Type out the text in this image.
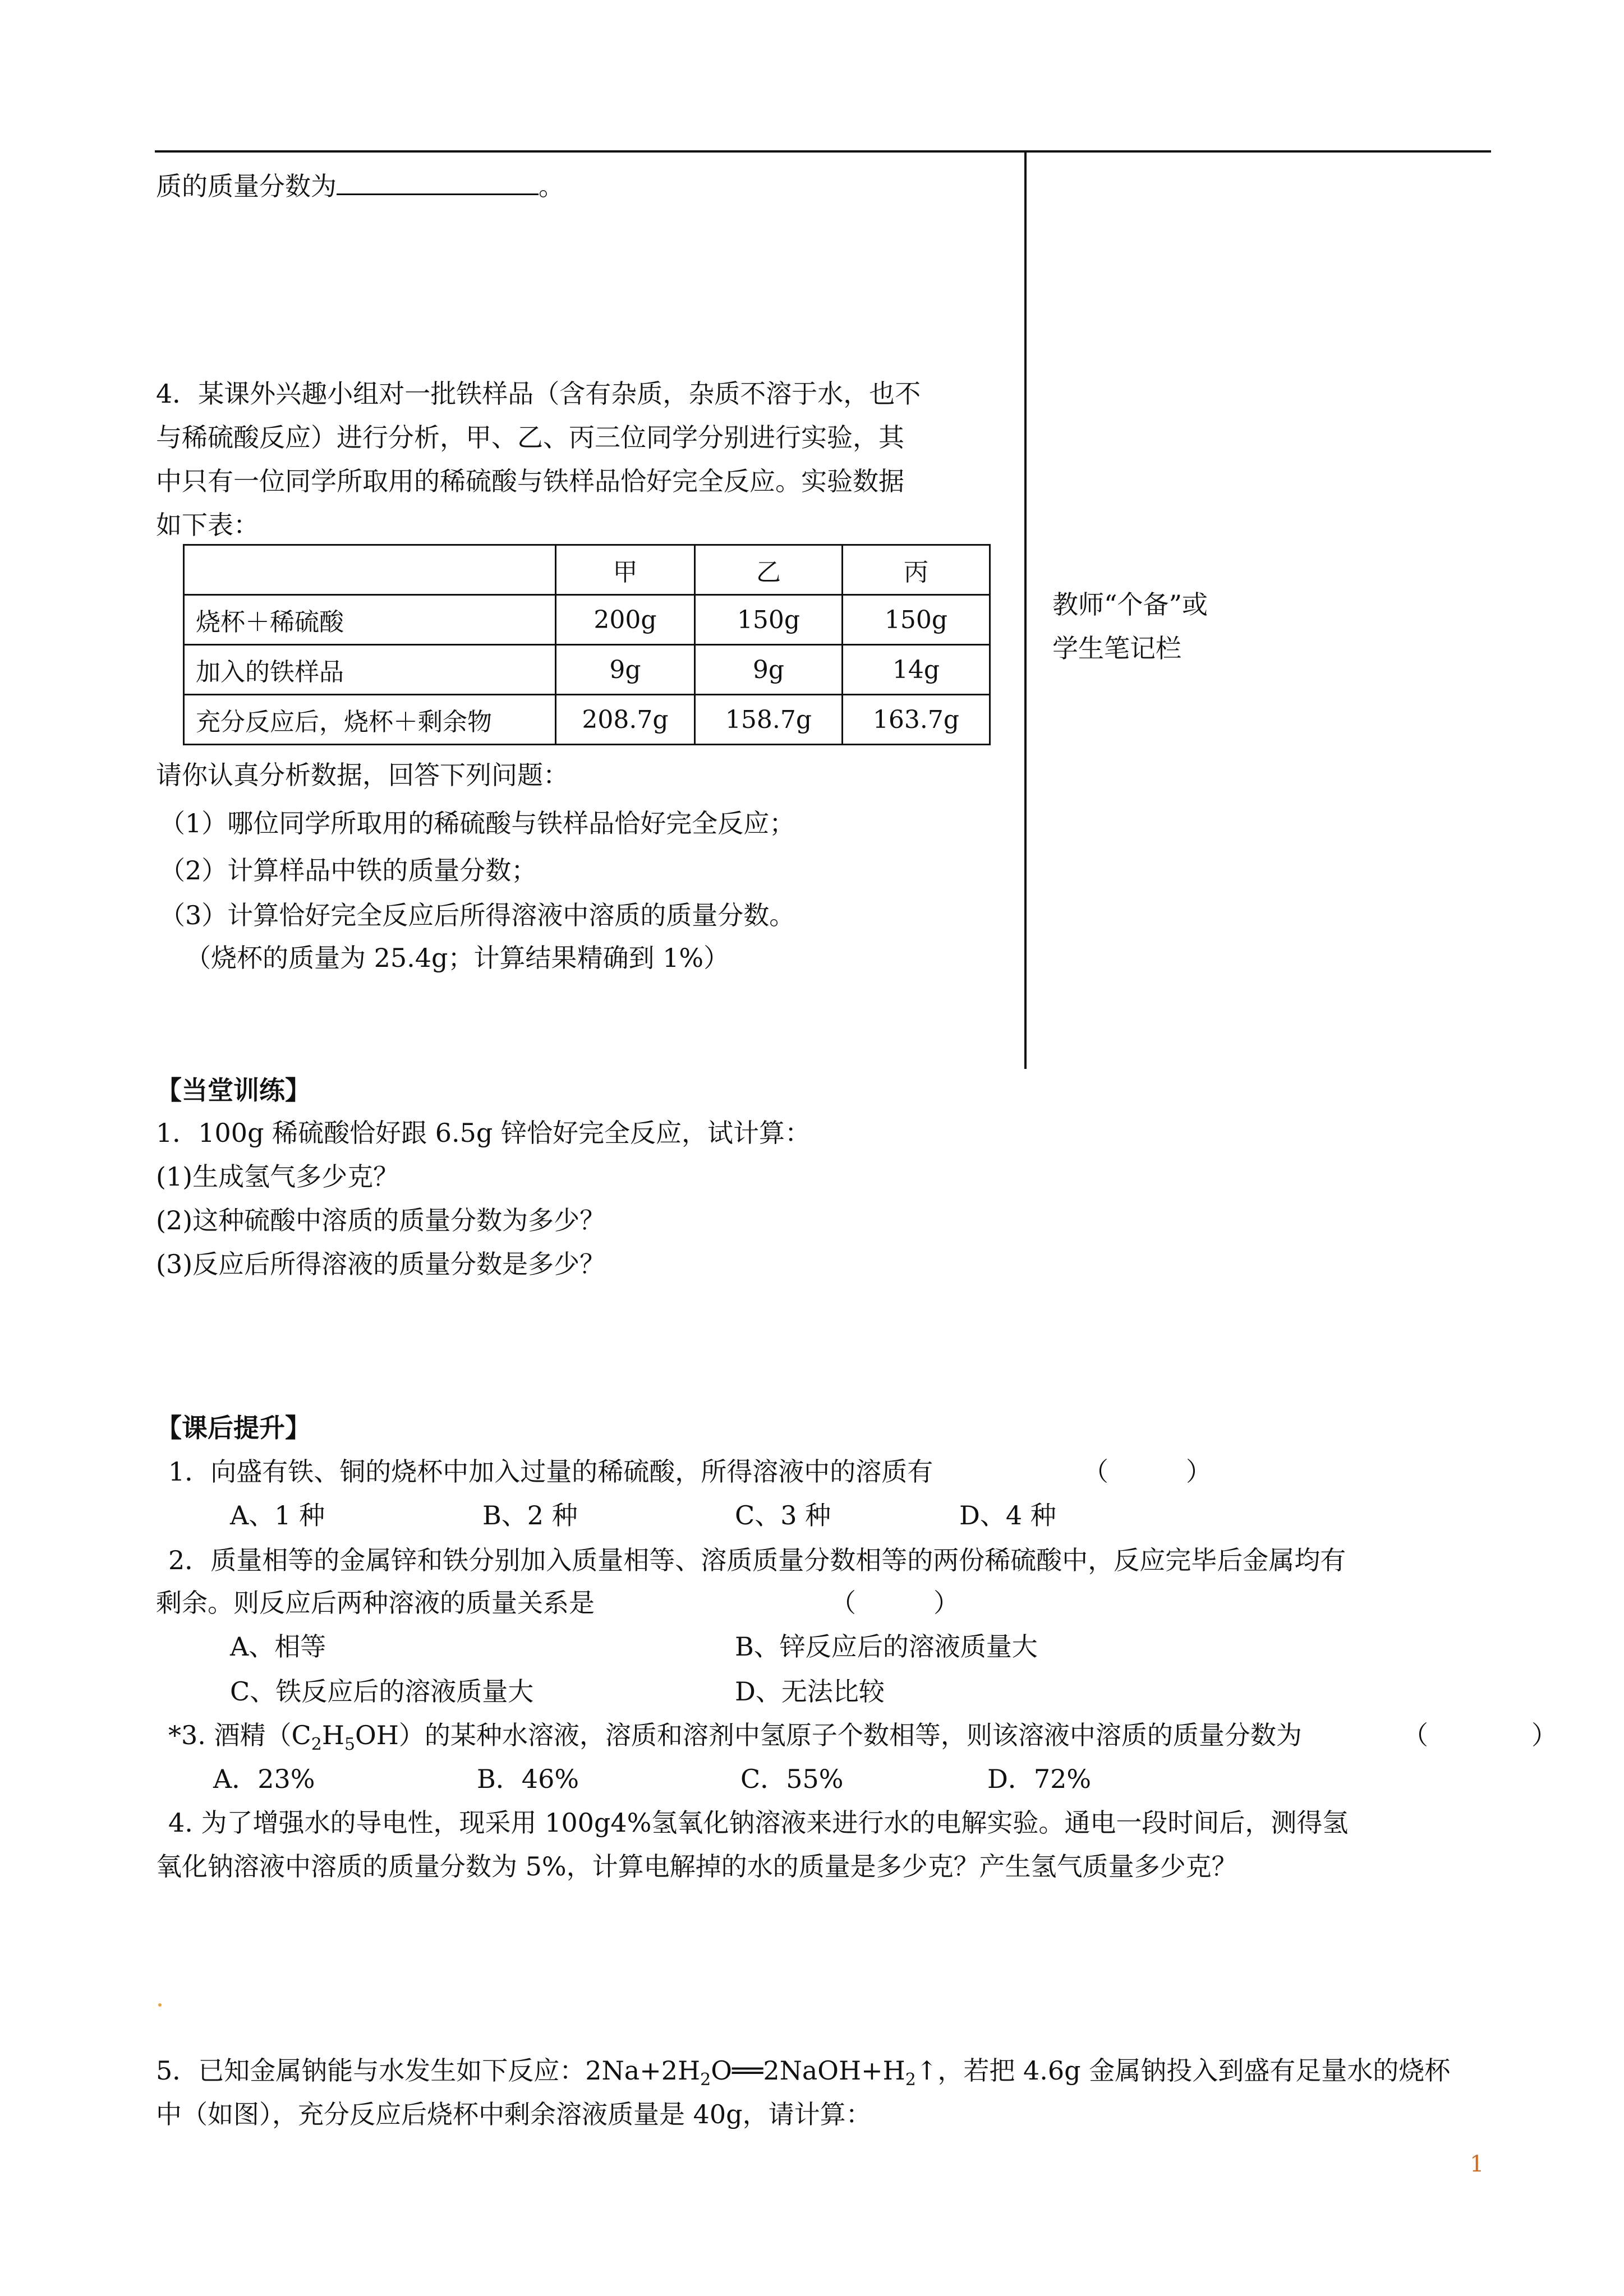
质的质量分数为	。
教师“个备”或
学生笔记栏
4．某课外兴趣小组对一批铁样品（含有杂质，杂质不溶于水，也不
与稀硫酸反应）进行分析，甲、乙、丙三位同学分别进行实验，其
中只有一位同学所取用的稀硫酸与铁样品恰好完全反应。实验数据
如下表：
	甲	乙	丙
烧杯＋稀硫酸	200g	150g	150g
加入的铁样品	9g	9g	14g
充分反应后，烧杯＋剩余物	208.7g	158.7g	163.7g
请你认真分析数据，回答下列问题：
（1）哪位同学所取用的稀硫酸与铁样品恰好完全反应；
（2）计算样品中铁的质量分数；
（3）计算恰好完全反应后所得溶液中溶质的质量分数。
（烧杯的质量为 25.4g；计算结果精确到 1%）
【当堂训练】
1．100g 稀硫酸恰好跟 6.5g 锌恰好完全反应，试计算：
(1)生成氢气多少克？
(2)这种硫酸中溶质的质量分数为多少？
(3)反应后所得溶液的质量分数是多少？
【课后提升】
1．向盛有铁、铜的烧杯中加入过量的稀硫酸，所得溶液中的溶质有	（　　　）
A、1 种	B、2 种	C、3 种	D、4 种
2．质量相等的金属锌和铁分别加入质量相等、溶质质量分数相等的两份稀硫酸中，反应完毕后金属均有
剩余。则反应后两种溶液的质量关系是	（　　　）
A、相等	B、锌反应后的溶液质量大
C、铁反应后的溶液质量大	D、无法比较
*3. 酒精$(C_2H_5OH)$的某种水溶液，溶质和溶剂中氢原子个数相等，则该溶液中溶质的质量分数为	（　　　　）
A．23%	B．46%	C．55%	D．72%
4. 为了增强水的导电性，现采用 100g4%氢氧化钠溶液来进行水的电解实验。通电一段时间后，测得氢
氧化钠溶液中溶质的质量分数为 5%，计算电解掉的水的质量是多少克？产生氢气质量多少克？
5．已知金属钠能与水发生如下反应：$2Na+2H_2O══2NaOH+H_2↑$，若把 4.6g 金属钠投入到盛有足量水的烧杯
中（如图），充分反应后烧杯中剩余溶液质量是 40g，请计算：
1
